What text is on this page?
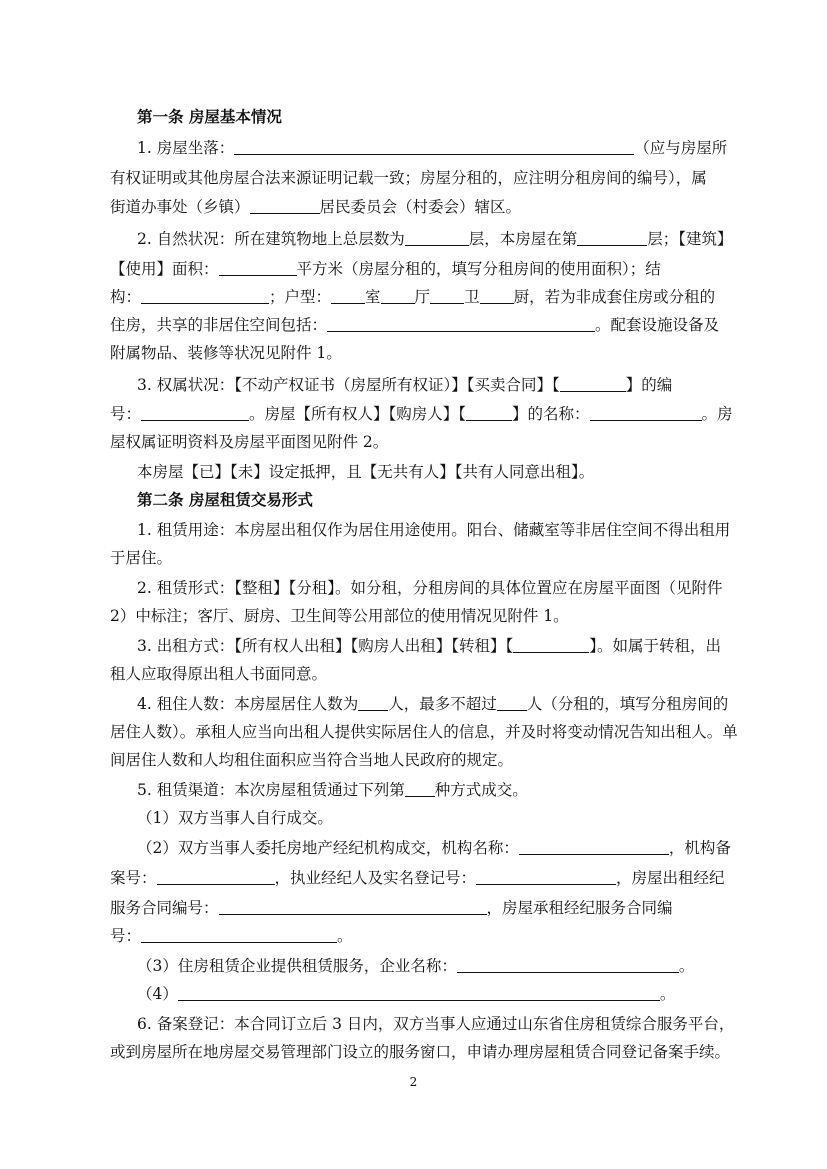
第一条 房屋基本情况
1. 房屋坐落：	（应与房屋所
有权证明或其他房屋合法来源证明记载一致；房屋分租的，应注明分租房间的编号），属
街道办事处（乡镇）	居民委员会（村委会）辖区。
2. 自然状况：所在建筑物地上总层数为	层，本房屋在第	层；【建筑】
【使用】面积：	平方米（房屋分租的，填写分租房间的使用面积）；结
构：	；户型： 室 厅 卫 厨，若为非成套住房或分租的
住房，共享的非居住空间包括：	。配套设施设备及
附属物品、装修等状况见附件 1。
3. 权属状况：【不动产权证书（房屋所有权证）】【买卖合同】【	】的编
号：	。房屋【所有权人】【购房人】【	】的名称：	。房
屋权属证明资料及房屋平面图见附件 2。
本房屋【已】【未】设定抵押，且【无共有人】【共有人同意出租】。
第二条 房屋租赁交易形式
1. 租赁用途：本房屋出租仅作为居住用途使用。阳台、储藏室等非居住空间不得出租用
于居住。
2. 租赁形式：【整租】【分租】。如分租，分租房间的具体位置应在房屋平面图（见附件
2）中标注；客厅、厨房、卫生间等公用部位的使用情况见附件 1。
3. 出租方式：【所有权人出租】【购房人出租】【转租】【	】。如属于转租，出
租人应取得原出租人书面同意。
4. 租住人数：本房屋居住人数为 人，最多不超过 人（分租的，填写分租房间的
居住人数）。承租人应当向出租人提供实际居住人的信息，并及时将变动情况告知出租人。单
间居住人数和人均租住面积应当符合当地人民政府的规定。
5. 租赁渠道：本次房屋租赁通过下列第 种方式成交。
（1）双方当事人自行成交。
（2）双方当事人委托房地产经纪机构成交，机构名称：	，机构备
案号：	，执业经纪人及实名登记号：	，房屋出租经纪
服务合同编号：	，房屋承租经纪服务合同编
号：	。
（3）住房租赁企业提供租赁服务，企业名称：	。
（4）	。
6. 备案登记：本合同订立后 3 日内，双方当事人应通过山东省住房租赁综合服务平台，
或到房屋所在地房屋交易管理部门设立的服务窗口，申请办理房屋租赁合同登记备案手续。
2
